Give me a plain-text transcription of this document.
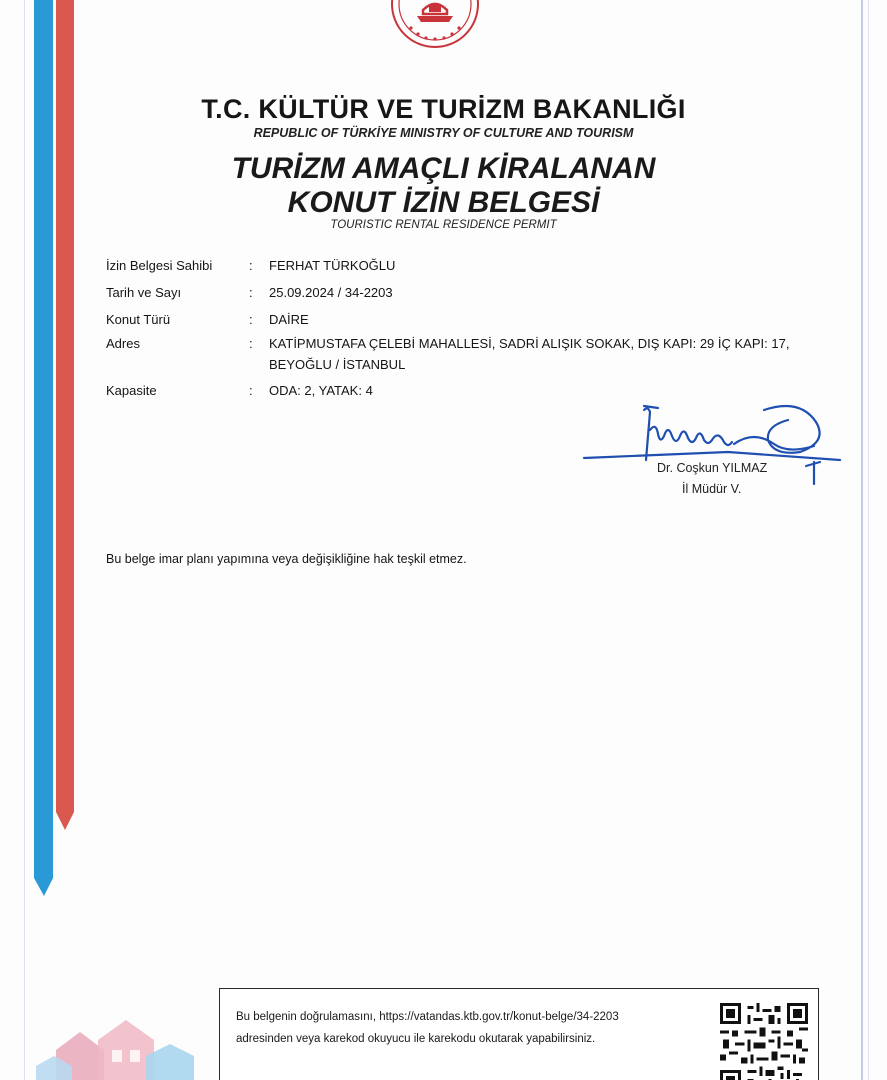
T.C. KÜLTÜR VE TURİZM BAKANLIĞI
REPUBLIC OF TÜRKİYE MINISTRY OF CULTURE AND TOURISM
TURİZM AMAÇLI KİRALANAN
KONUT İZİN BELGESİ
TOURISTIC RENTAL RESIDENCE PERMIT
İzin Belgesi Sahibi	: FERHAT TÜRKOĞLU
Tarih ve Sayı	: 25.09.2024 / 34-2203
Konut Türü	: DAİRE
Adres	: KATİPMUSTAFA ÇELEBİ MAHALLESİ, SADRİ ALIŞIK SOKAK, DIŞ KAPI: 29 İÇ KAPI: 17, BEYOĞLU / İSTANBUL
Kapasite	: ODA: 2, YATAK: 4
Dr. Coşkun YILMAZ
İl Müdür V.
Bu belge imar planı yapımına veya değişikliğine hak teşkil etmez.
Bu belgenin doğrulamasını, https://vatandas.ktb.gov.tr/konut-belge/34-2203
adresinden veya karekod okuyucu ile karekodu okutarak yapabilirsiniz.
